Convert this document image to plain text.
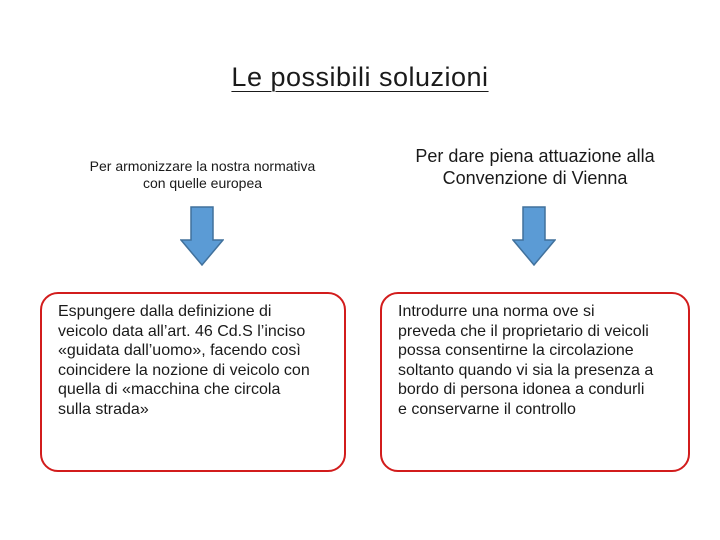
Le possibili soluzioni
Per armonizzare la nostra normativa
con quelle europea
Espungere dalla definizione di
veicolo data all’art. 46 Cd.S l’inciso
«guidata dall’uomo», facendo così
coincidere la nozione di veicolo con
quella di «macchina che circola
sulla strada»
Per dare piena attuazione alla
Convenzione di Vienna
Introdurre una norma ove si
preveda che il proprietario di veicoli
possa consentirne la circolazione
soltanto quando vi sia la presenza a
bordo di persona idonea a condurli
e conservarne il controllo
